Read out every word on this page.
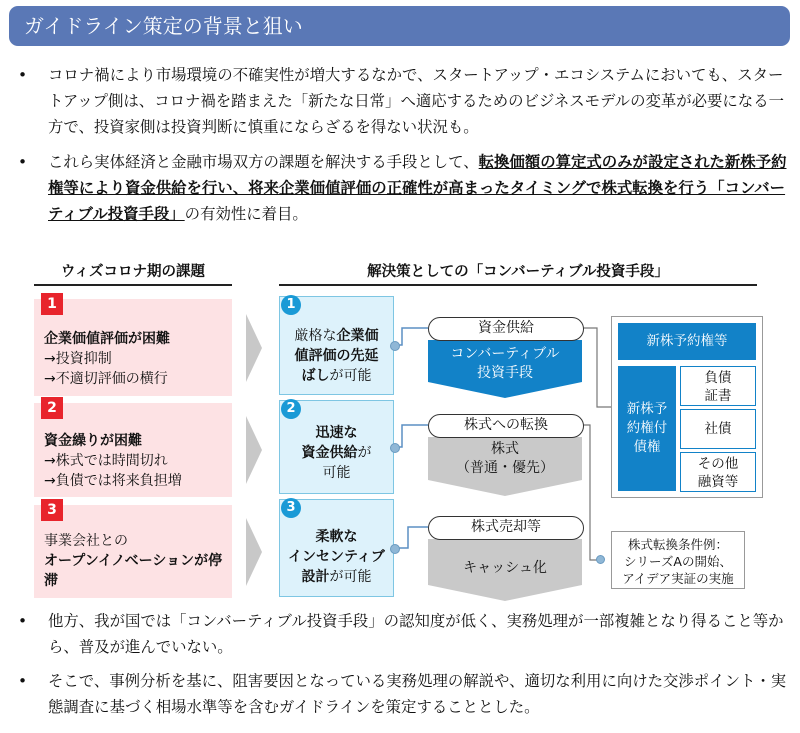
ガイドライン策定の背景と狙い
• コロナ禍により市場環境の不確実性が増大するなかで、スタートアップ・エコシステムにおいても、スタートアップ側は、コロナ禍を踏まえた「新たな日常」へ適応するためのビジネスモデルの変革が必要になる一方で、投資家側は投資判断に慎重にならざるを得ない状況も。
• これら実体経済と金融市場双方の課題を解決する手段として、転換価額の算定式のみが設定された新株予約権等により資金供給を行い、将来企業価値評価の正確性が高まったタイミングで株式転換を行う「コンバーティブル投資手段」の有効性に着目。
ウィズコロナ期の課題	解決策としての「コンバーティブル投資手段」
1
企業価値評価が困難
→投資抑制
→不適切評価の横行
2
資金繰りが困難
→株式では時間切れ
→負債では将来負担増
3
事業会社との
オープンイノベーションが停滞
1
厳格な企業価
値評価の先延
ばしが可能
2
迅速な
資金供給が
可能
3
柔軟な
インセンティブ
設計が可能
資金供給
コンバーティブル
投資手段
株式への転換
株式
（普通・優先）
株式売却等
キャッシュ化
新株予約権等
新株予
約権付
債権
負債
証書
社債
その他
融資等
株式転換条件例：
シリーズAの開始、
アイデア実証の実施
• 他方、我が国では「コンバーティブル投資手段」の認知度が低く、実務処理が一部複雑となり得ること等から、普及が進んでいない。
• そこで、事例分析を基に、阻害要因となっている実務処理の解説や、適切な利用に向けた交渉ポイント・実態調査に基づく相場水準等を含むガイドラインを策定することとした。
